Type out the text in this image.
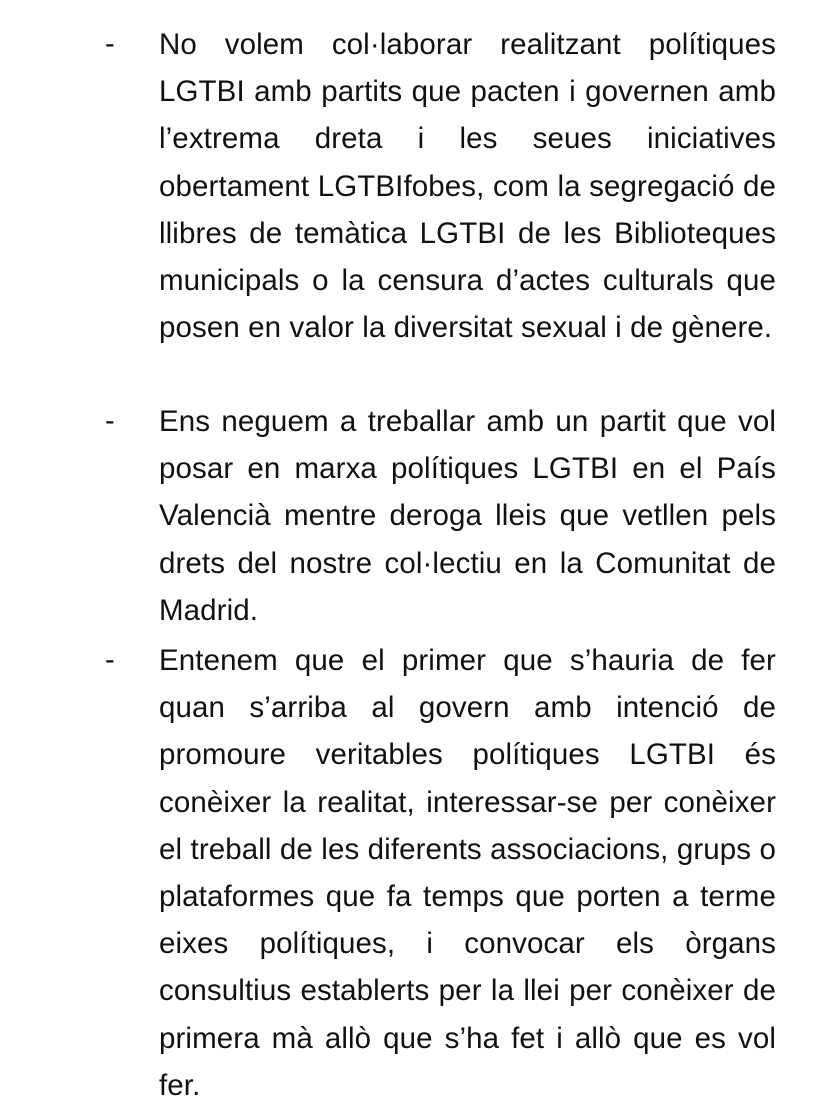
- No volem col·laborar realitzant polítiques LGTBI amb partits que pacten i governen amb l’extrema dreta i les seues iniciatives obertament LGTBIfobes, com la segregació de llibres de temàtica LGTBI de les Biblioteques municipals o la censura d’actes culturals que posen en valor la diversitat sexual i de gènere.

- Ens neguem a treballar amb un partit que vol posar en marxa polítiques LGTBI en el País Valencià mentre deroga lleis que vetllen pels drets del nostre col·lectiu en la Comunitat de Madrid.

- Entenem que el primer que s’hauria de fer quan s’arriba al govern amb intenció de promoure veritables polítiques LGTBI és conèixer la realitat, interessar-se per conèixer el treball de les diferents associacions, grups o plataformes que fa temps que porten a terme eixes polítiques, i convocar els òrgans consultius establerts per la llei per conèixer de primera mà allò que s’ha fet i allò que es vol fer.
